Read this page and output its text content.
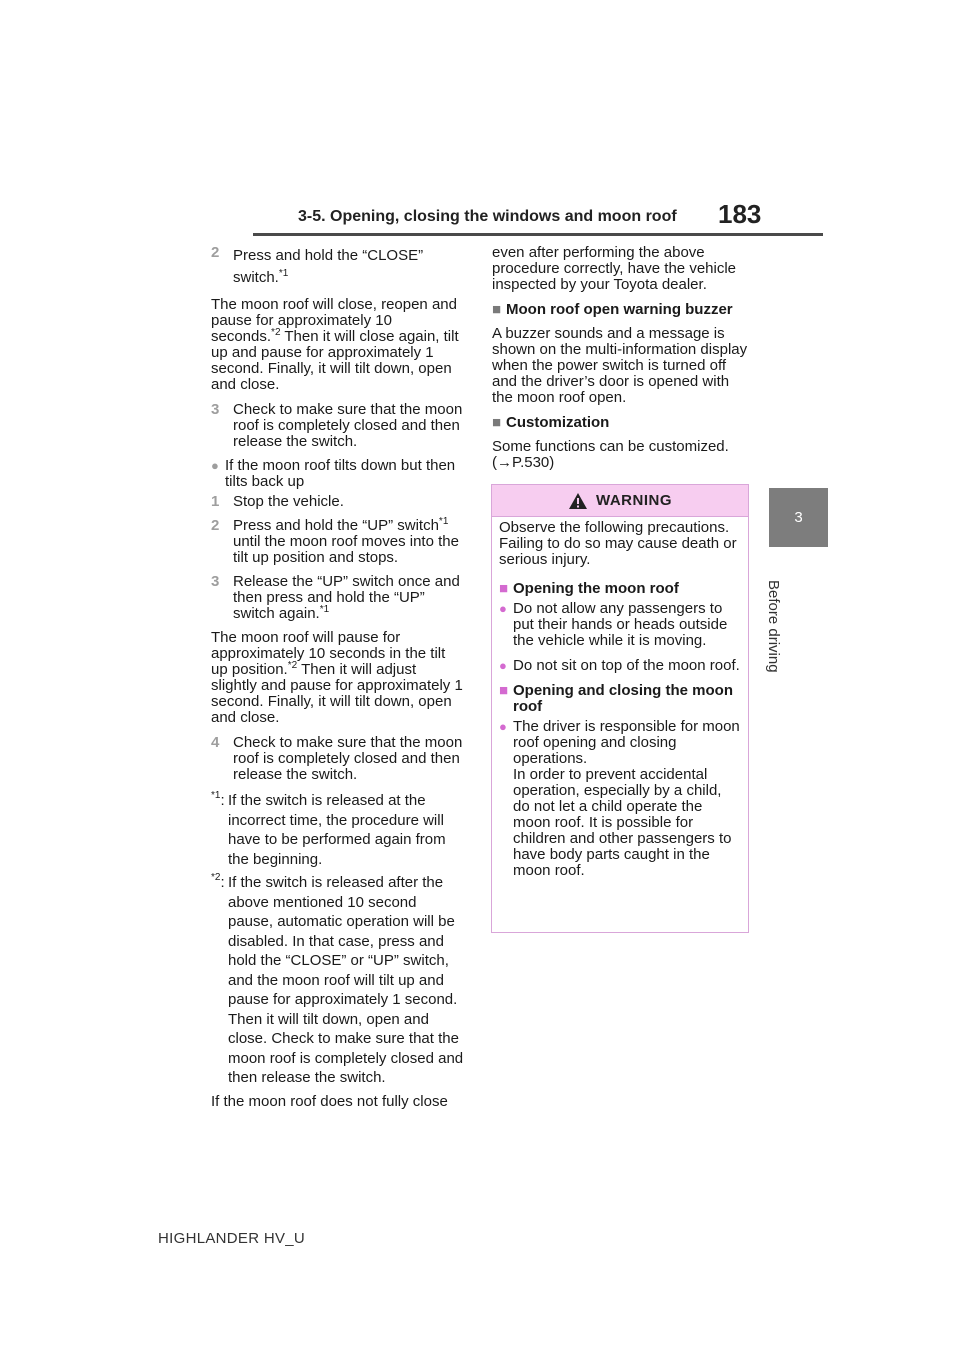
3-5. Opening, closing the windows and moon roof 183
3
Before driving

2 Press and hold the “CLOSE” switch.$^{*1}$

The moon roof will close, reopen and pause for approximately 10 seconds.$^{*2}$ Then it will close again, tilt up and pause for approximately 1 second. Finally, it will tilt down, open and close.

3 Check to make sure that the moon roof is completely closed and then release the switch.

● If the moon roof tilts down but then tilts back up

1 Stop the vehicle.

2 Press and hold the “UP” switch$^{*1}$ until the moon roof moves into the tilt up position and stops.

3 Release the “UP” switch once and then press and hold the “UP” switch again.$^{*1}$

The moon roof will pause for approximately 10 seconds in the tilt up position.$^{*2}$ Then it will adjust slightly and pause for approximately 1 second. Finally, it will tilt down, open and close.

4 Check to make sure that the moon roof is completely closed and then release the switch.

$^{*1}$: If the switch is released at the incorrect time, the procedure will have to be performed again from the beginning.

$^{*2}$: If the switch is released after the above mentioned 10 second pause, automatic operation will be disabled. In that case, press and hold the “CLOSE” or “UP” switch, and the moon roof will tilt up and pause for approximately 1 second. Then it will tilt down, open and close. Check to make sure that the moon roof is completely closed and then release the switch.

If the moon roof does not fully close

even after performing the above procedure correctly, have the vehicle inspected by your Toyota dealer.

■ Moon roof open warning buzzer

A buzzer sounds and a message is shown on the multi-information display when the power switch is turned off and the driver’s door is opened with the moon roof open.

■ Customization

Some functions can be customized.

(→P.530)

WARNING

Observe the following precautions.

Failing to do so may cause death or serious injury.

■ Opening the moon roof

● Do not allow any passengers to put their hands or heads outside the vehicle while it is moving.

● Do not sit on top of the moon roof.

■ Opening and closing the moon roof

● The driver is responsible for moon roof opening and closing operations.
In order to prevent accidental operation, especially by a child, do not let a child operate the moon roof. It is possible for children and other passengers to have body parts caught in the moon roof.

HIGHLANDER HV_U
